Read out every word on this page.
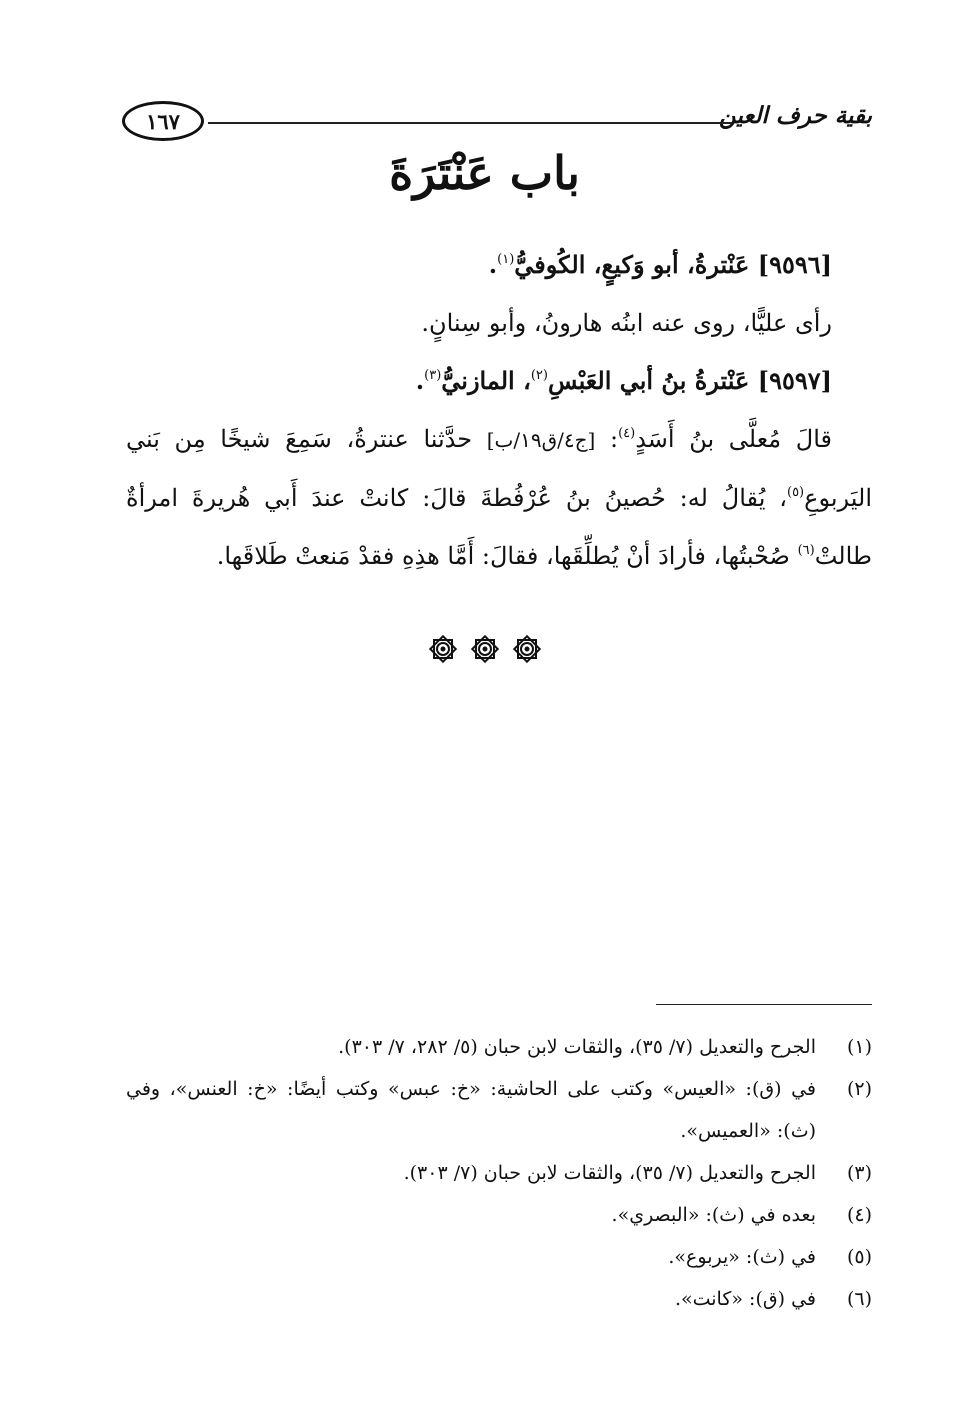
بقية حرف العين
١٦٧
باب عَنْتَرَةَ

[٩٥٩٦] عَنْترةُ، أبو وَكيعٍ، الكُوفيُّ$^{(١)}$.

رأى عليًّا، روى عنه ابنُه هارونُ، وأبو سِنانٍ.

[٩٥٩٧] عَنْترةُ بنُ أبي العَبْسِ$^{(٢)}$، المازنيُّ$^{(٣)}$.

قالَ مُعلَّى بنُ أَسَدٍ$^{(٤)}$: [ج٤/ق١٩/ب] حدَّثنا عنترةُ، سَمِعَ شيخًا مِن بَني اليَربوعِ$^{(٥)}$، يُقالُ له: حُصينُ بنُ عُرْفُطةَ قالَ: كانتْ عندَ أَبي هُريرةَ امرأةٌ طالتْ$^{(٦)}$ صُحْبتُها، فأرادَ أنْ يُطلِّقَها، فقالَ: أَمَّا هذِهِ فقدْ مَنعتْ طَلاقَها.

(١)
الجرح والتعديل (٧/ ٣٥)، والثقات لابن حبان (٥/ ٢٨٢، ٧/ ٣٠٣).
(٢)
في (ق): «العيس» وكتب على الحاشية: «خ: عبس» وكتب أيضًا: «خ: العنس»، وفي (ث): «العميس».
(٣)
الجرح والتعديل (٧/ ٣٥)، والثقات لابن حبان (٧/ ٣٠٣).
(٤)
بعده في (ث): «البصري».
(٥)
في (ث): «يربوع».
(٦)
في (ق): «كانت».
